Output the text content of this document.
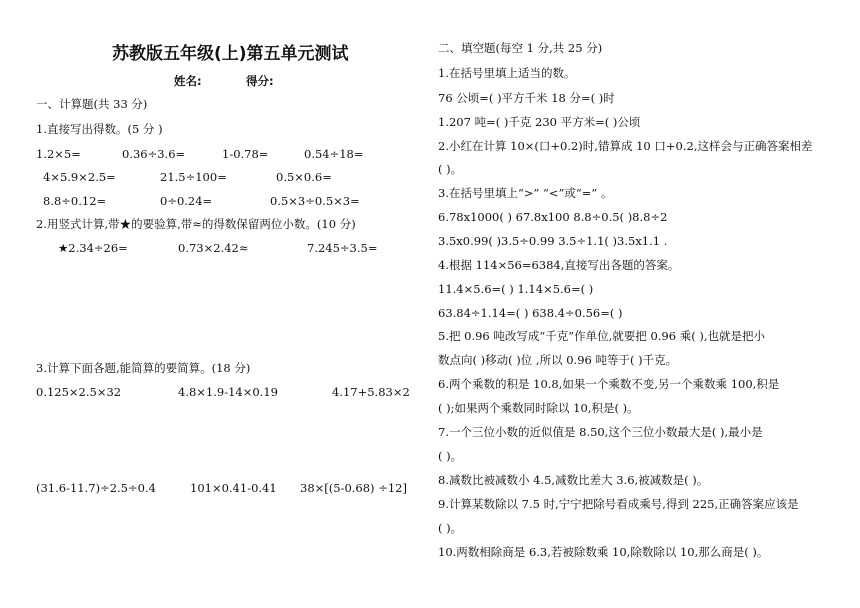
苏教版五年级(上)第五单元测试
姓名:	得分:
一、计算题(共 33 分)
1.直接写出得数。(5 分 )
1.2×5=	0.36÷3.6=	1-0.78=	0.54÷18=
4×5.9×2.5=	21.5÷100=	0.5×0.6=
8.8÷0.12=	0÷0.24=	0.5×3÷0.5×3=
2.用竖式计算,带★的要验算,带≈的得数保留两位小数。(10 分)
★2.34÷26=	0.73×2.42≈	7.245÷3.5=
3.计算下面各题,能简算的要简算。(18 分)
0.125×2.5×32	4.8×1.9-14×0.19	4.17+5.83×2
(31.6-11.7)÷2.5÷0.4	101×0.41-0.41 38×[(5-0.68) ÷12]
二、填空题(每空 1 分,共 25 分)
1.在括号里填上适当的数。
76 公顷=( )平方千米 18 分=( )时
1.207 吨=( )千克 230 平方米=( )公顷
2.小红在计算 10×(口+0.2)时,错算成 10 口+0.2,这样会与正确答案相差
( )。
3.在括号里填上“>” “<”或“=” 。
6.78x1000( ) 67.8x100 8.8÷0.5( )8.8÷2
3.5x0.99( )3.5÷0.99 3.5÷1.1( )3.5x1.1 .
4.根据 114×56=6384,直接写出各题的答案。
11.4×5.6=( ) 1.14×5.6=( )
63.84÷1.14=( ) 638.4÷0.56=( )
5.把 0.96 吨改写成“千克”作单位,就要把 0.96 乘( ),也就是把小
数点向( )移动( )位 ,所以 0.96 吨等于( )千克。
6.两个乘数的积是 10.8,如果一个乘数不变,另一个乘数乘 100,积是
( );如果两个乘数同时除以 10,积是( )。
7.一个三位小数的近似值是 8.50,这个三位小数最大是( ),最小是
( )。
8.减数比被减数小 4.5,减数比差大 3.6,被减数是( )。
9.计算某数除以 7.5 时,宁宁把除号看成乘号,得到 225,正确答案应该是
( )。
10.两数相除商是 6.3,若被除数乘 10,除数除以 10,那么商是( )。
